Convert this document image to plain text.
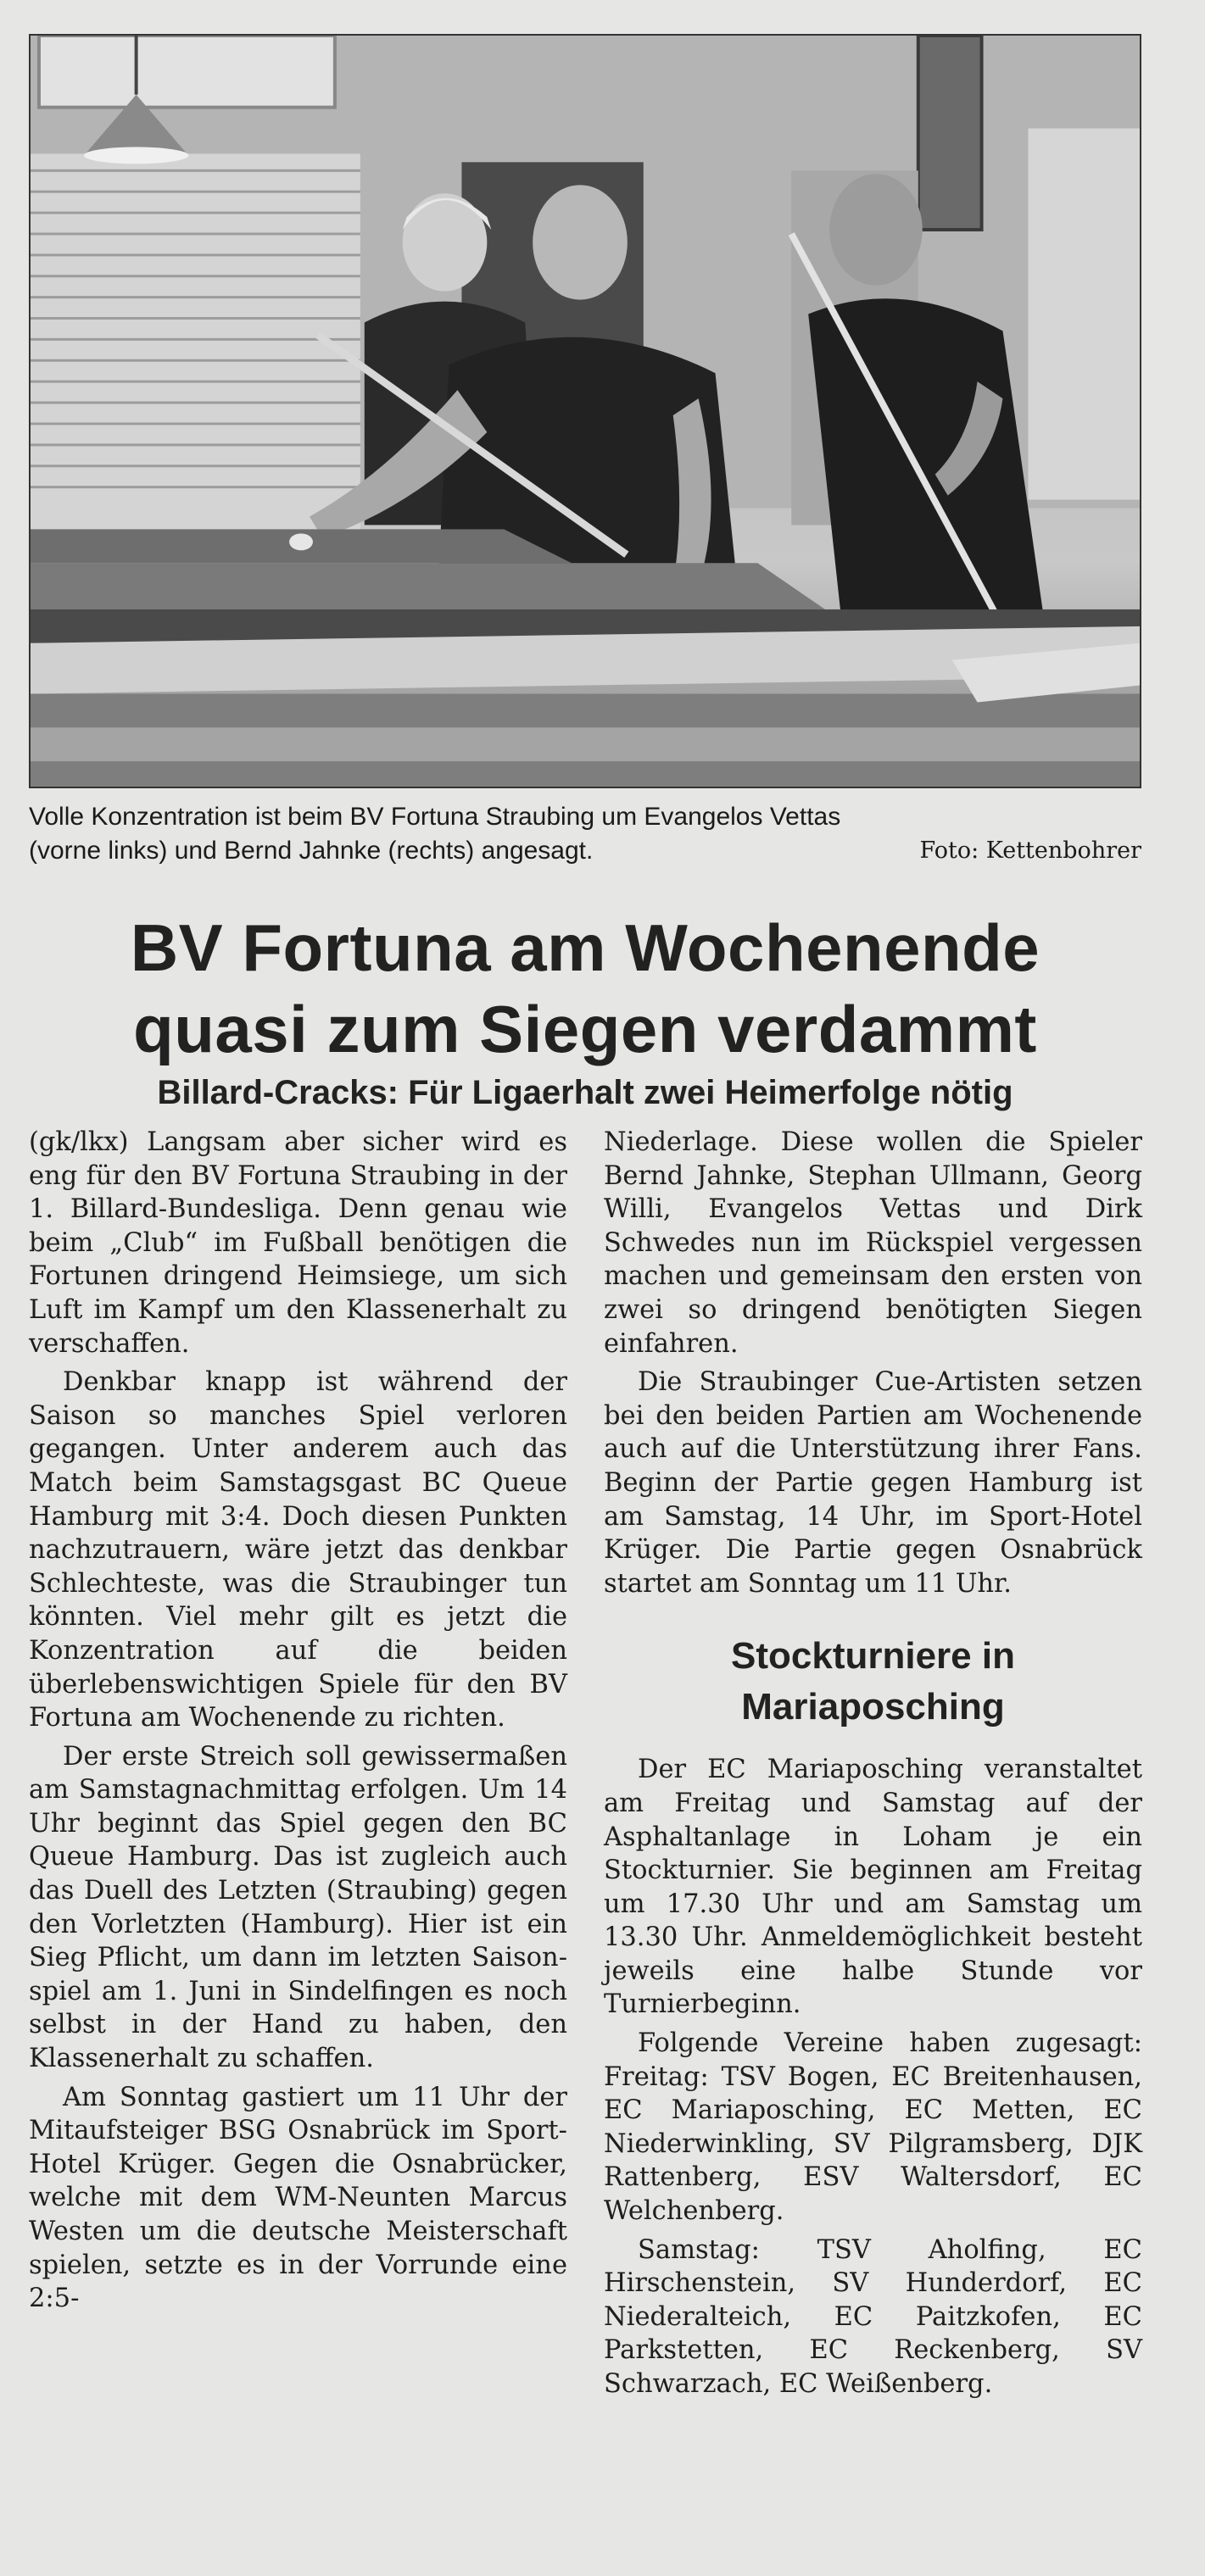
Volle Konzentration ist beim BV Fortuna Straubing um Evangelos Vettas
(vorne links) und Bernd Jahnke (rechts) angesagt.	Foto: Kettenbohrer
BV Fortuna am Wochenende
quasi zum Siegen verdammt
Billard-Cracks: Für Ligaerhalt zwei Heimerfolge nötig

(gk/lkx) Langsam aber sicher wird es eng für den BV Fortuna Straubing in der 1. Billard-Bundesliga. Denn genau wie beim „Club“ im Fußball benötigen die Fortunen dringend Heimsiege, um sich Luft im Kampf um den Klassenerhalt zu verschaffen.

Denkbar knapp ist während der Saison so manches Spiel verloren gegangen. Unter anderem auch das Match beim Samstagsgast BC Queue Hamburg mit 3:4. Doch diesen Punkten nachzutrauern, wäre jetzt das denkbar Schlechteste, was die Straubinger tun könnten. Viel mehr gilt es jetzt die Konzentration auf die beiden überlebenswichtigen Spiele für den BV Fortuna am Wochenende zu richten.

Der erste Streich soll gewissermaßen am Samstagnachmittag erfolgen. Um 14 Uhr beginnt das Spiel gegen den BC Queue Hamburg. Das ist zugleich auch das Duell des Letzten (Straubing) gegen den Vorletzten (Hamburg). Hier ist ein Sieg Pflicht, um dann im letzten Saisonspiel am 1. Juni in Sindelfingen es noch selbst in der Hand zu haben, den Klassenerhalt zu schaffen.

Am Sonntag gastiert um 11 Uhr der Mitaufsteiger BSG Osnabrück im Sport-Hotel Krüger. Gegen die Osnabrücker, welche mit dem WM-Neunten Marcus Westen um die deutsche Meisterschaft spielen, setzte es in der Vorrunde eine 2:5-

Niederlage. Diese wollen die Spieler Bernd Jahnke, Stephan Ullmann, Georg Willi, Evangelos Vettas und Dirk Schwedes nun im Rückspiel vergessen machen und gemeinsam den ersten von zwei so dringend benötigten Siegen einfahren.

Die Straubinger Cue-Artisten setzen bei den beiden Partien am Wochenende auch auf die Unterstützung ihrer Fans. Beginn der Partie gegen Hamburg ist am Samstag, 14 Uhr, im Sport-Hotel Krüger. Die Partie gegen Osnabrück startet am Sonntag um 11 Uhr.

Stockturniere in
Mariaposching

Der EC Mariaposching veranstaltet am Freitag und Samstag auf der Asphaltanlage in Loham je ein Stockturnier. Sie beginnen am Freitag um 17.30 Uhr und am Samstag um 13.30 Uhr. Anmeldemöglichkeit besteht jeweils eine halbe Stunde vor Turnierbeginn.

Folgende Vereine haben zugesagt: Freitag: TSV Bogen, EC Breitenhausen, EC Mariaposching, EC Metten, EC Niederwinkling, SV Pilgramsberg, DJK Rattenberg, ESV Waltersdorf, EC Welchenberg.

Samstag: TSV Aholfing, EC Hirschenstein, SV Hunderdorf, EC Niederalteich, EC Paitzkofen, EC Parkstetten, EC Reckenberg, SV Schwarzach, EC Weißenberg.
